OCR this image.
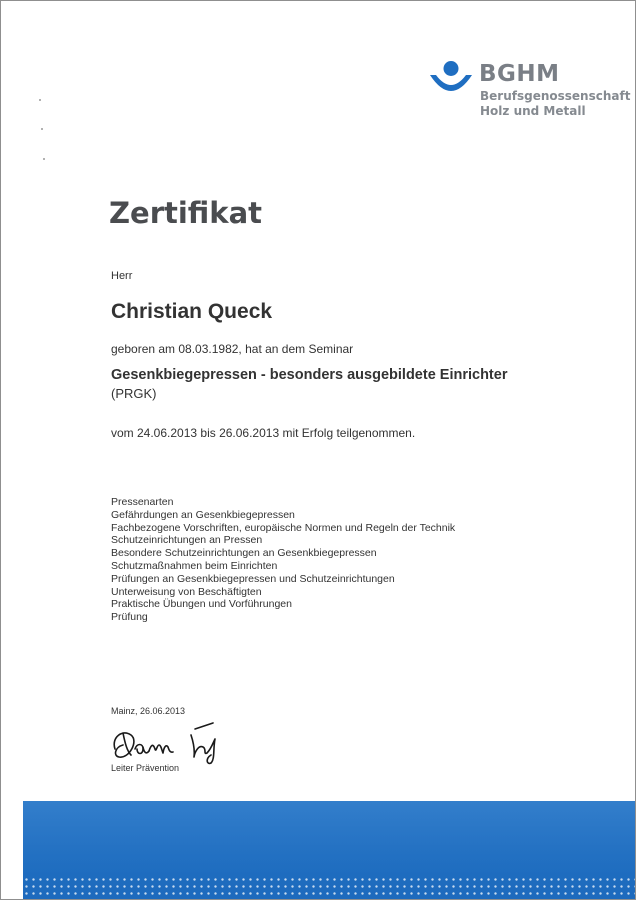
BGHM
Berufsgenossenschaft
Holz und Metall
Zertifikat
Herr
Christian Queck
geboren am 08.03.1982, hat an dem Seminar
Gesenkbiegepressen - besonders ausgebildete Einrichter
(PRGK)
vom 24.06.2013 bis 26.06.2013 mit Erfolg teilgenommen.
Pressenarten
Gefährdungen an Gesenkbiegepressen
Fachbezogene Vorschriften, europäische Normen und Regeln der Technik
Schutzeinrichtungen an Pressen
Besondere Schutzeinrichtungen an Gesenkbiegepressen
Schutzmaßnahmen beim Einrichten
Prüfungen an Gesenkbiegepressen und Schutzeinrichtungen
Unterweisung von Beschäftigten
Praktische Übungen und Vorführungen
Prüfung
Mainz, 26.06.2013
Leiter Prävention
